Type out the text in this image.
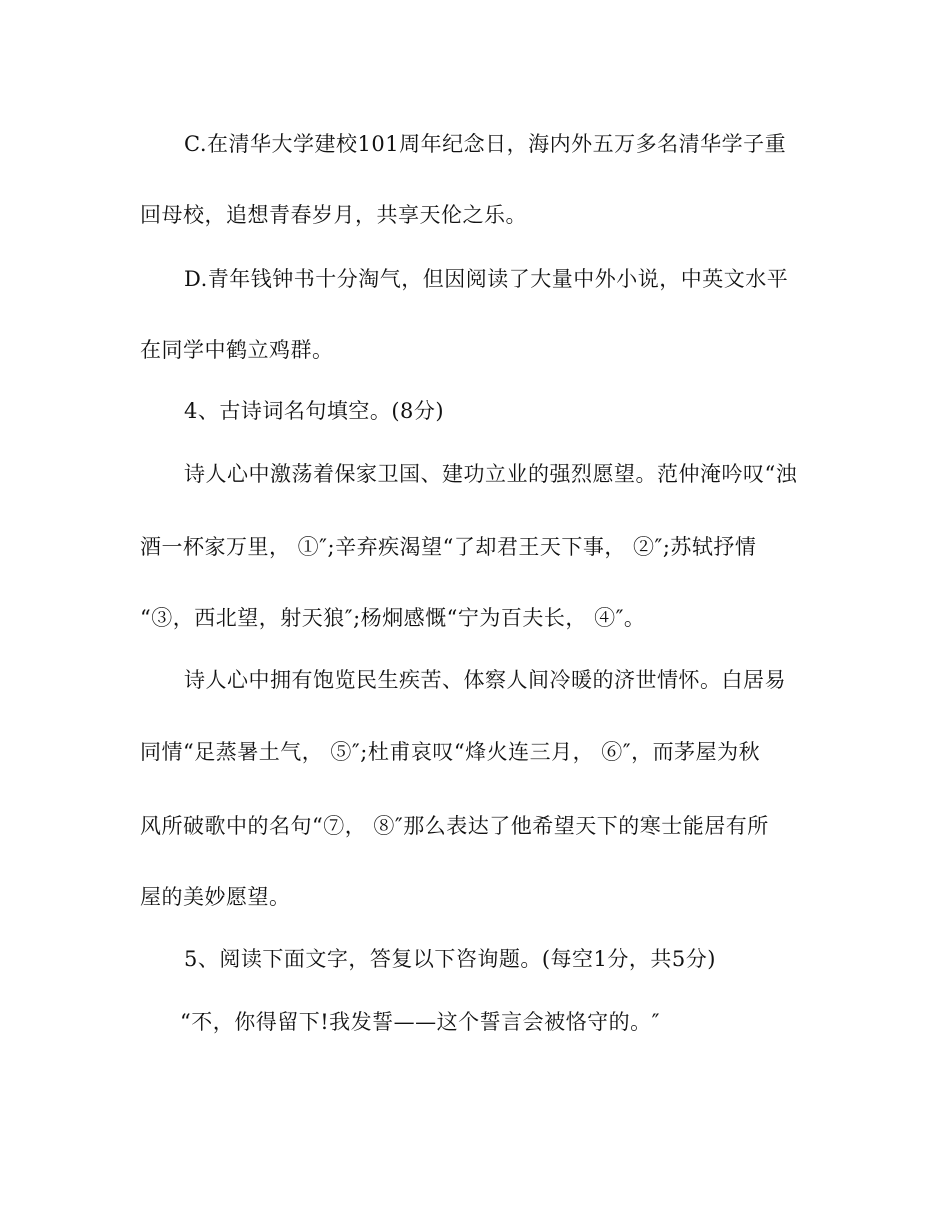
C.在清华大学建校101周年纪念日，海内外五万多名清华学子重
回母校，追想青春岁月，共享天伦之乐。
D.青年钱钟书十分淘气，但因阅读了大量中外小说，中英文水平
在同学中鹤立鸡群。
4、古诗词名句填空。(8分)
诗人心中激荡着保家卫国、建功立业的强烈愿望。范仲淹吟叹“浊
酒一杯家万里， ①″;辛弃疾渴望“了却君王天下事， ②″;苏轼抒情
“③，西北望，射天狼″;杨炯感慨“宁为百夫长， ④″。
诗人心中拥有饱览民生疾苦、体察人间冷暖的济世情怀。白居易
同情“足蒸暑土气， ⑤″;杜甫哀叹“烽火连三月， ⑥″，而茅屋为秋
风所破歌中的名句“⑦， ⑧″那么表达了他希望天下的寒士能居有所
屋的美妙愿望。
5、阅读下面文字，答复以下咨询题。(每空1分，共5分)
“不，你得留下!我发誓——这个誓言会被恪守的。″
